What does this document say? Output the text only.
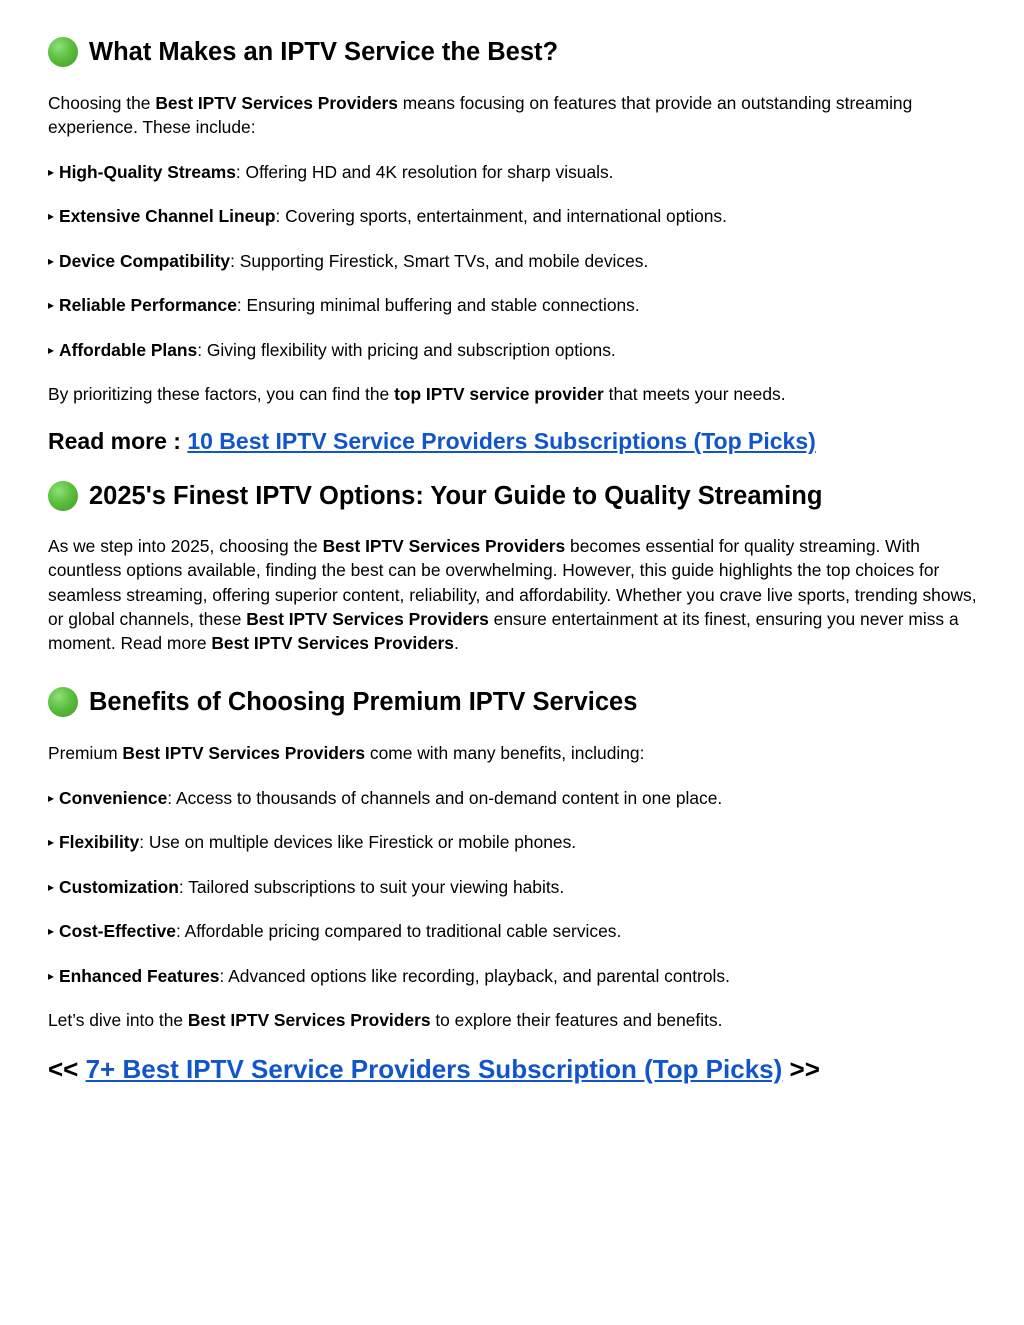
What Makes an IPTV Service the Best?

Choosing the Best IPTV Services Providers means focusing on features that provide an outstanding streaming experience. These include:

▸ High-Quality Streams: Offering HD and 4K resolution for sharp visuals.

▸ Extensive Channel Lineup: Covering sports, entertainment, and international options.

▸ Device Compatibility: Supporting Firestick, Smart TVs, and mobile devices.

▸ Reliable Performance: Ensuring minimal buffering and stable connections.

▸ Affordable Plans: Giving flexibility with pricing and subscription options.

By prioritizing these factors, you can find the top IPTV service provider that meets your needs.

Read more : 10 Best IPTV Service Providers Subscriptions (Top Picks)
2025's Finest IPTV Options: Your Guide to Quality Streaming

As we step into 2025, choosing the Best IPTV Services Providers becomes essential for quality streaming. With countless options available, finding the best can be overwhelming. However, this guide highlights the top choices for seamless streaming, offering superior content, reliability, and affordability. Whether you crave live sports, trending shows, or global channels, these Best IPTV Services Providers ensure entertainment at its finest, ensuring you never miss a moment. Read more Best IPTV Services Providers.

Benefits of Choosing Premium IPTV Services

Premium Best IPTV Services Providers come with many benefits, including:

▸ Convenience: Access to thousands of channels and on-demand content in one place.

▸ Flexibility: Use on multiple devices like Firestick or mobile phones.

▸ Customization: Tailored subscriptions to suit your viewing habits.

▸ Cost-Effective: Affordable pricing compared to traditional cable services.

▸ Enhanced Features: Advanced options like recording, playback, and parental controls.

Let’s dive into the Best IPTV Services Providers to explore their features and benefits.

<< 7+ Best IPTV Service Providers Subscription (Top Picks) >>
